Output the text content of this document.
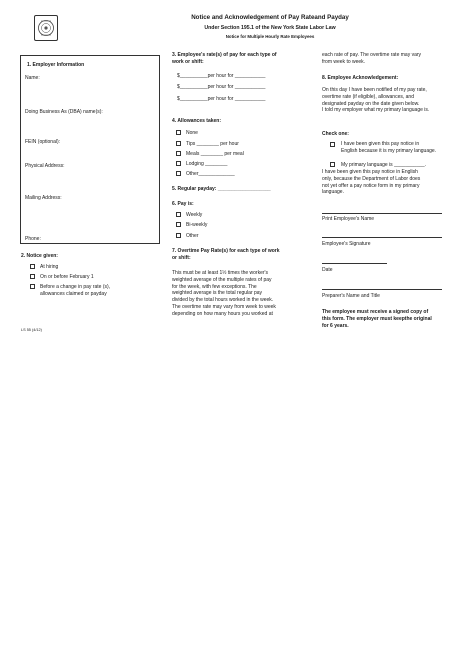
Notice and Acknowledgement of Pay Rateand Payday
Under Section 195.1 of the New York State Labor Law
Notice for Multiple Hourly Rate Employees
1. Employer Information
Name:
Doing Business As (DBA) name(s):
FEIN (optional):
Physical Address:
Mailing Address:
Phone:
2. Notice given:
At hiring
On or before February 1
Before a change in pay rate (s),
allowances claimed or payday
LS 55 (4/12)
3. Employee's rate(s) of pay for each type of
work or shift:
$__________per hour for ___________
$__________per hour for ___________
$__________per hour for ___________
4. Allowances taken:
None
Tips ________ per hour
Meals ________ per meal
Lodging ________
Other_____________
5. Regular payday: ___________________
6. Pay is:
Weekly
Bi-weekly
Other
7. Overtime Pay Rate(s) for each type of work
or shift:
This must be at least 1½ times the worker's
weighted average of the multiple rates of pay
for the week, with few exceptions. The
weighted average is the total regular pay
divided by the total hours worked in the week.
The overtime rate may vary from week to week
depending on how many hours you worked at
each rate of pay. The overtime rate may vary
from week to week.
8. Employee Acknowledgement:
On this day I have been notified of my pay rate,
overtime rate (if eligible), allowances, and
designated payday on the date given below.
I told my employer what my primary language is.
Check one:
I have been given this pay notice in
English because it is my primary language.
My primary language is ___________.
I have been given this pay notice in English
only, because the Department of Labor does
not yet offer a pay notice form in my primary
language.
Print Employee's Name
Employee's Signature
Date
Preparer's Name and Title
The employee must receive a signed copy of
this form. The employer must keepthe original
for 6 years.
